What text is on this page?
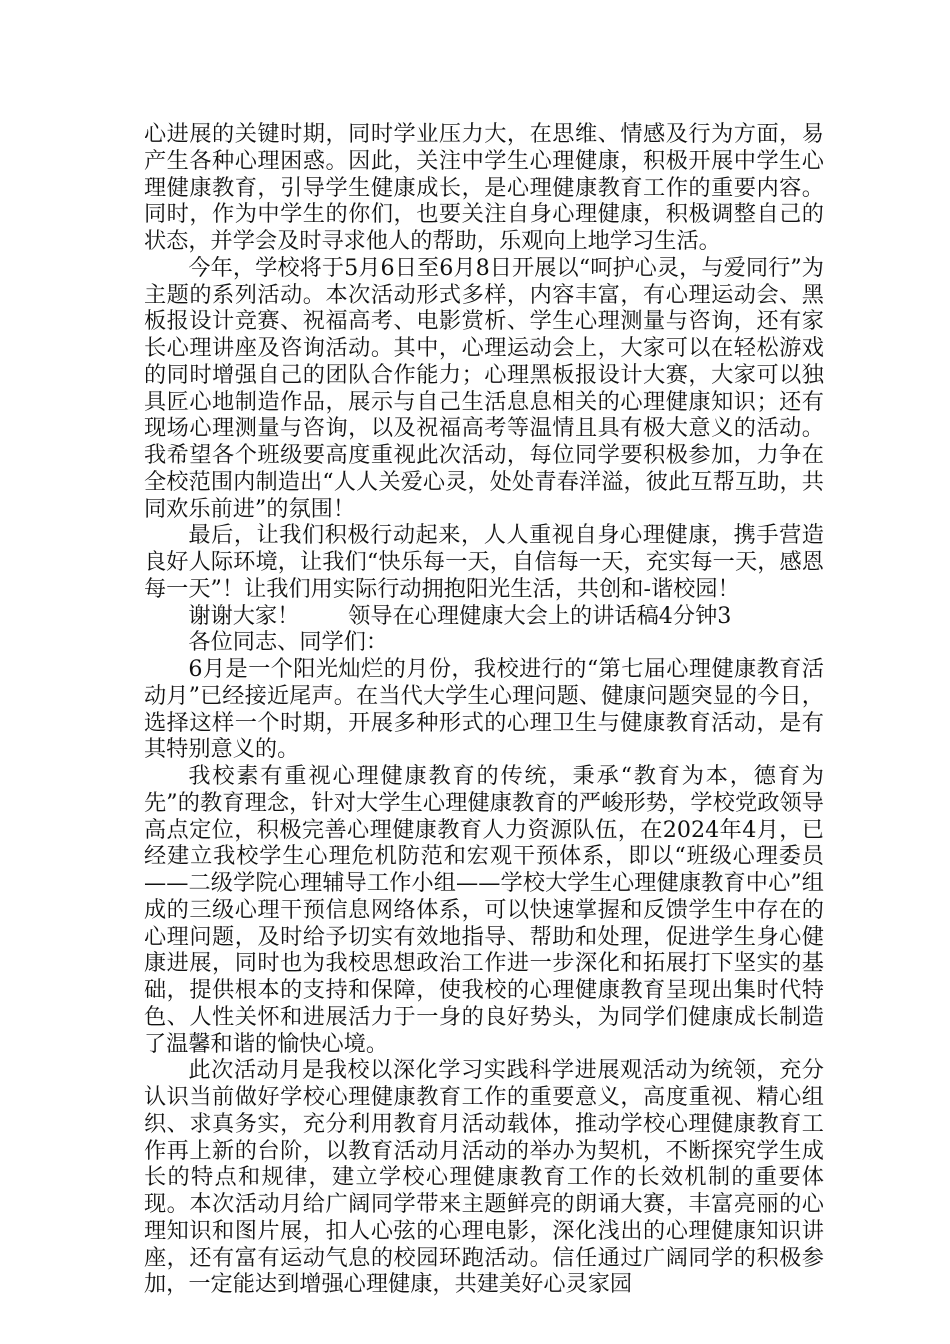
心进展的关键时期，同时学业压力大，在思维、情感及行为方面，易产生各种心理困惑。因此，关注中学生心理健康，积极开展中学生心理健康教育，引导学生健康成长，是心理健康教育工作的重要内容。同时，作为中学生的你们，也要关注自身心理健康，积极调整自己的状态，并学会及时寻求他人的帮助，乐观向上地学习生活。

今年，学校将于5月6日至6月8日开展以“呵护心灵，与爱同行”为主题的系列活动。本次活动形式多样，内容丰富，有心理运动会、黑板报设计竞赛、祝福高考、电影赏析、学生心理测量与咨询，还有家长心理讲座及咨询活动。其中，心理运动会上，大家可以在轻松游戏的同时增强自己的团队合作能力；心理黑板报设计大赛，大家可以独具匠心地制造作品，展示与自己生活息息相关的心理健康知识；还有现场心理测量与咨询，以及祝福高考等温情且具有极大意义的活动。我希望各个班级要高度重视此次活动，每位同学要积极参加，力争在全校范围内制造出“人人关爱心灵，处处青春洋溢，彼此互帮互助，共同欢乐前进”的氛围！

最后，让我们积极行动起来，人人重视自身心理健康，携手营造良好人际环境，让我们“快乐每一天，自信每一天，充实每一天，感恩每一天”！让我们用实际行动拥抱阳光生活，共创和-谐校园！

谢谢大家！ 领导在心理健康大会上的讲话稿4分钟3

各位同志、同学们：

6月是一个阳光灿烂的月份，我校进行的“第七届心理健康教育活动月”已经接近尾声。在当代大学生心理问题、健康问题突显的今日，选择这样一个时期，开展多种形式的心理卫生与健康教育活动，是有其特别意义的。

我校素有重视心理健康教育的传统，秉承“教育为本，德育为先”的教育理念，针对大学生心理健康教育的严峻形势，学校党政领导高点定位，积极完善心理健康教育人力资源队伍，在2024年4月，已经建立我校学生心理危机防范和宏观干预体系，即以“班级心理委员——二级学院心理辅导工作小组——学校大学生心理健康教育中心”组成的三级心理干预信息网络体系，可以快速掌握和反馈学生中存在的心理问题，及时给予切实有效地指导、帮助和处理，促进学生身心健康进展，同时也为我校思想政治工作进一步深化和拓展打下坚实的基础，提供根本的支持和保障，使我校的心理健康教育呈现出集时代特色、人性关怀和进展活力于一身的良好势头，为同学们健康成长制造了温馨和谐的愉快心境。

此次活动月是我校以深化学习实践科学进展观活动为统领，充分认识当前做好学校心理健康教育工作的重要意义，高度重视、精心组织、求真务实，充分利用教育月活动载体，推动学校心理健康教育工作再上新的台阶，以教育活动月活动的举办为契机，不断探究学生成长的特点和规律，建立学校心理健康教育工作的长效机制的重要体现。本次活动月给广阔同学带来主题鲜亮的朗诵大赛，丰富亮丽的心理知识和图片展，扣人心弦的心理电影，深化浅出的心理健康知识讲座，还有富有运动气息的校园环跑活动。信任通过广阔同学的积极参加，一定能达到增强心理健康，共建美好心灵家园
